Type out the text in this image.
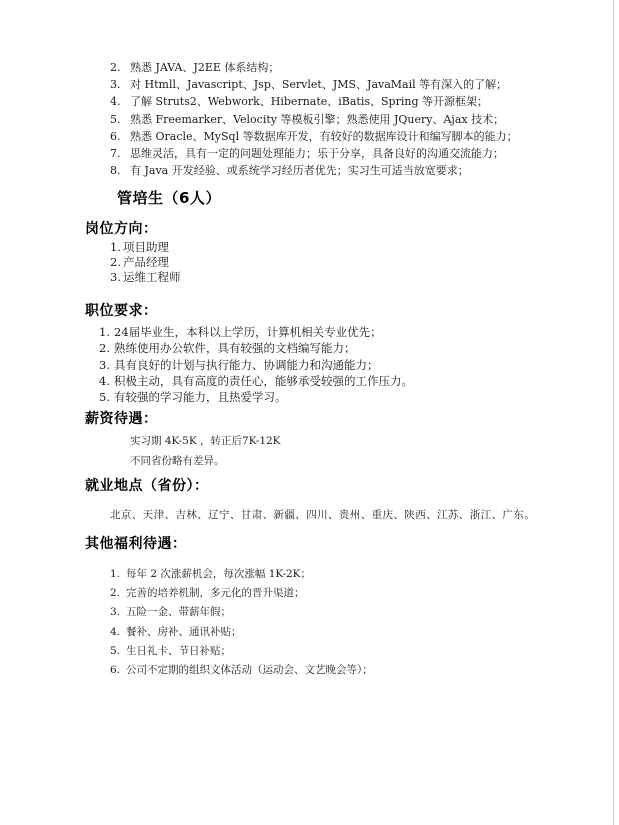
2. 熟悉 JAVA、J2EE 体系结构；
3. 对 Htmll、Javascript、Jsp、Servlet、JMS、JavaMail 等有深入的了解；
4. 了解 Struts2、Webwork、Hibernate、iBatis、Spring 等开源框架；
5. 熟悉 Freemarker、Velocity 等模板引擎；熟悉使用 JQuery、Ajax 技术；
6. 熟悉 Oracle、MySql 等数据库开发，有较好的数据库设计和编写脚本的能力；
7. 思维灵活，具有一定的问题处理能力；乐于分享，具备良好的沟通交流能力；
8. 有 Java 开发经验、或系统学习经历者优先；实习生可适当放宽要求；
管培生（6人）
岗位方向：
1. 项目助理
2. 产品经理
3. 运维工程师
职位要求：
1. 24届毕业生，本科以上学历，计算机相关专业优先；
2. 熟练使用办公软件，具有较强的文档编写能力；
3. 具有良好的计划与执行能力、协调能力和沟通能力；
4. 积极主动，具有高度的责任心，能够承受较强的工作压力。
5. 有较强的学习能力，且热爱学习。
薪资待遇：
实习期 4K-5K ，转正后7K-12K
不同省份略有差异。
就业地点（省份）：
北京、天津、吉林、辽宁、甘肃、新疆、四川、贵州、重庆、陕西、江苏、浙江、广东。
其他福利待遇：
1. 每年 2 次涨薪机会，每次涨幅 1K-2K；
2. 完善的培养机制，多元化的晋升渠道；
3. 五险一金、带薪年假；
4. 餐补、房补、通讯补贴；
5. 生日礼卡、节日补贴；
6. 公司不定期的组织文体活动（运动会、文艺晚会等）；
